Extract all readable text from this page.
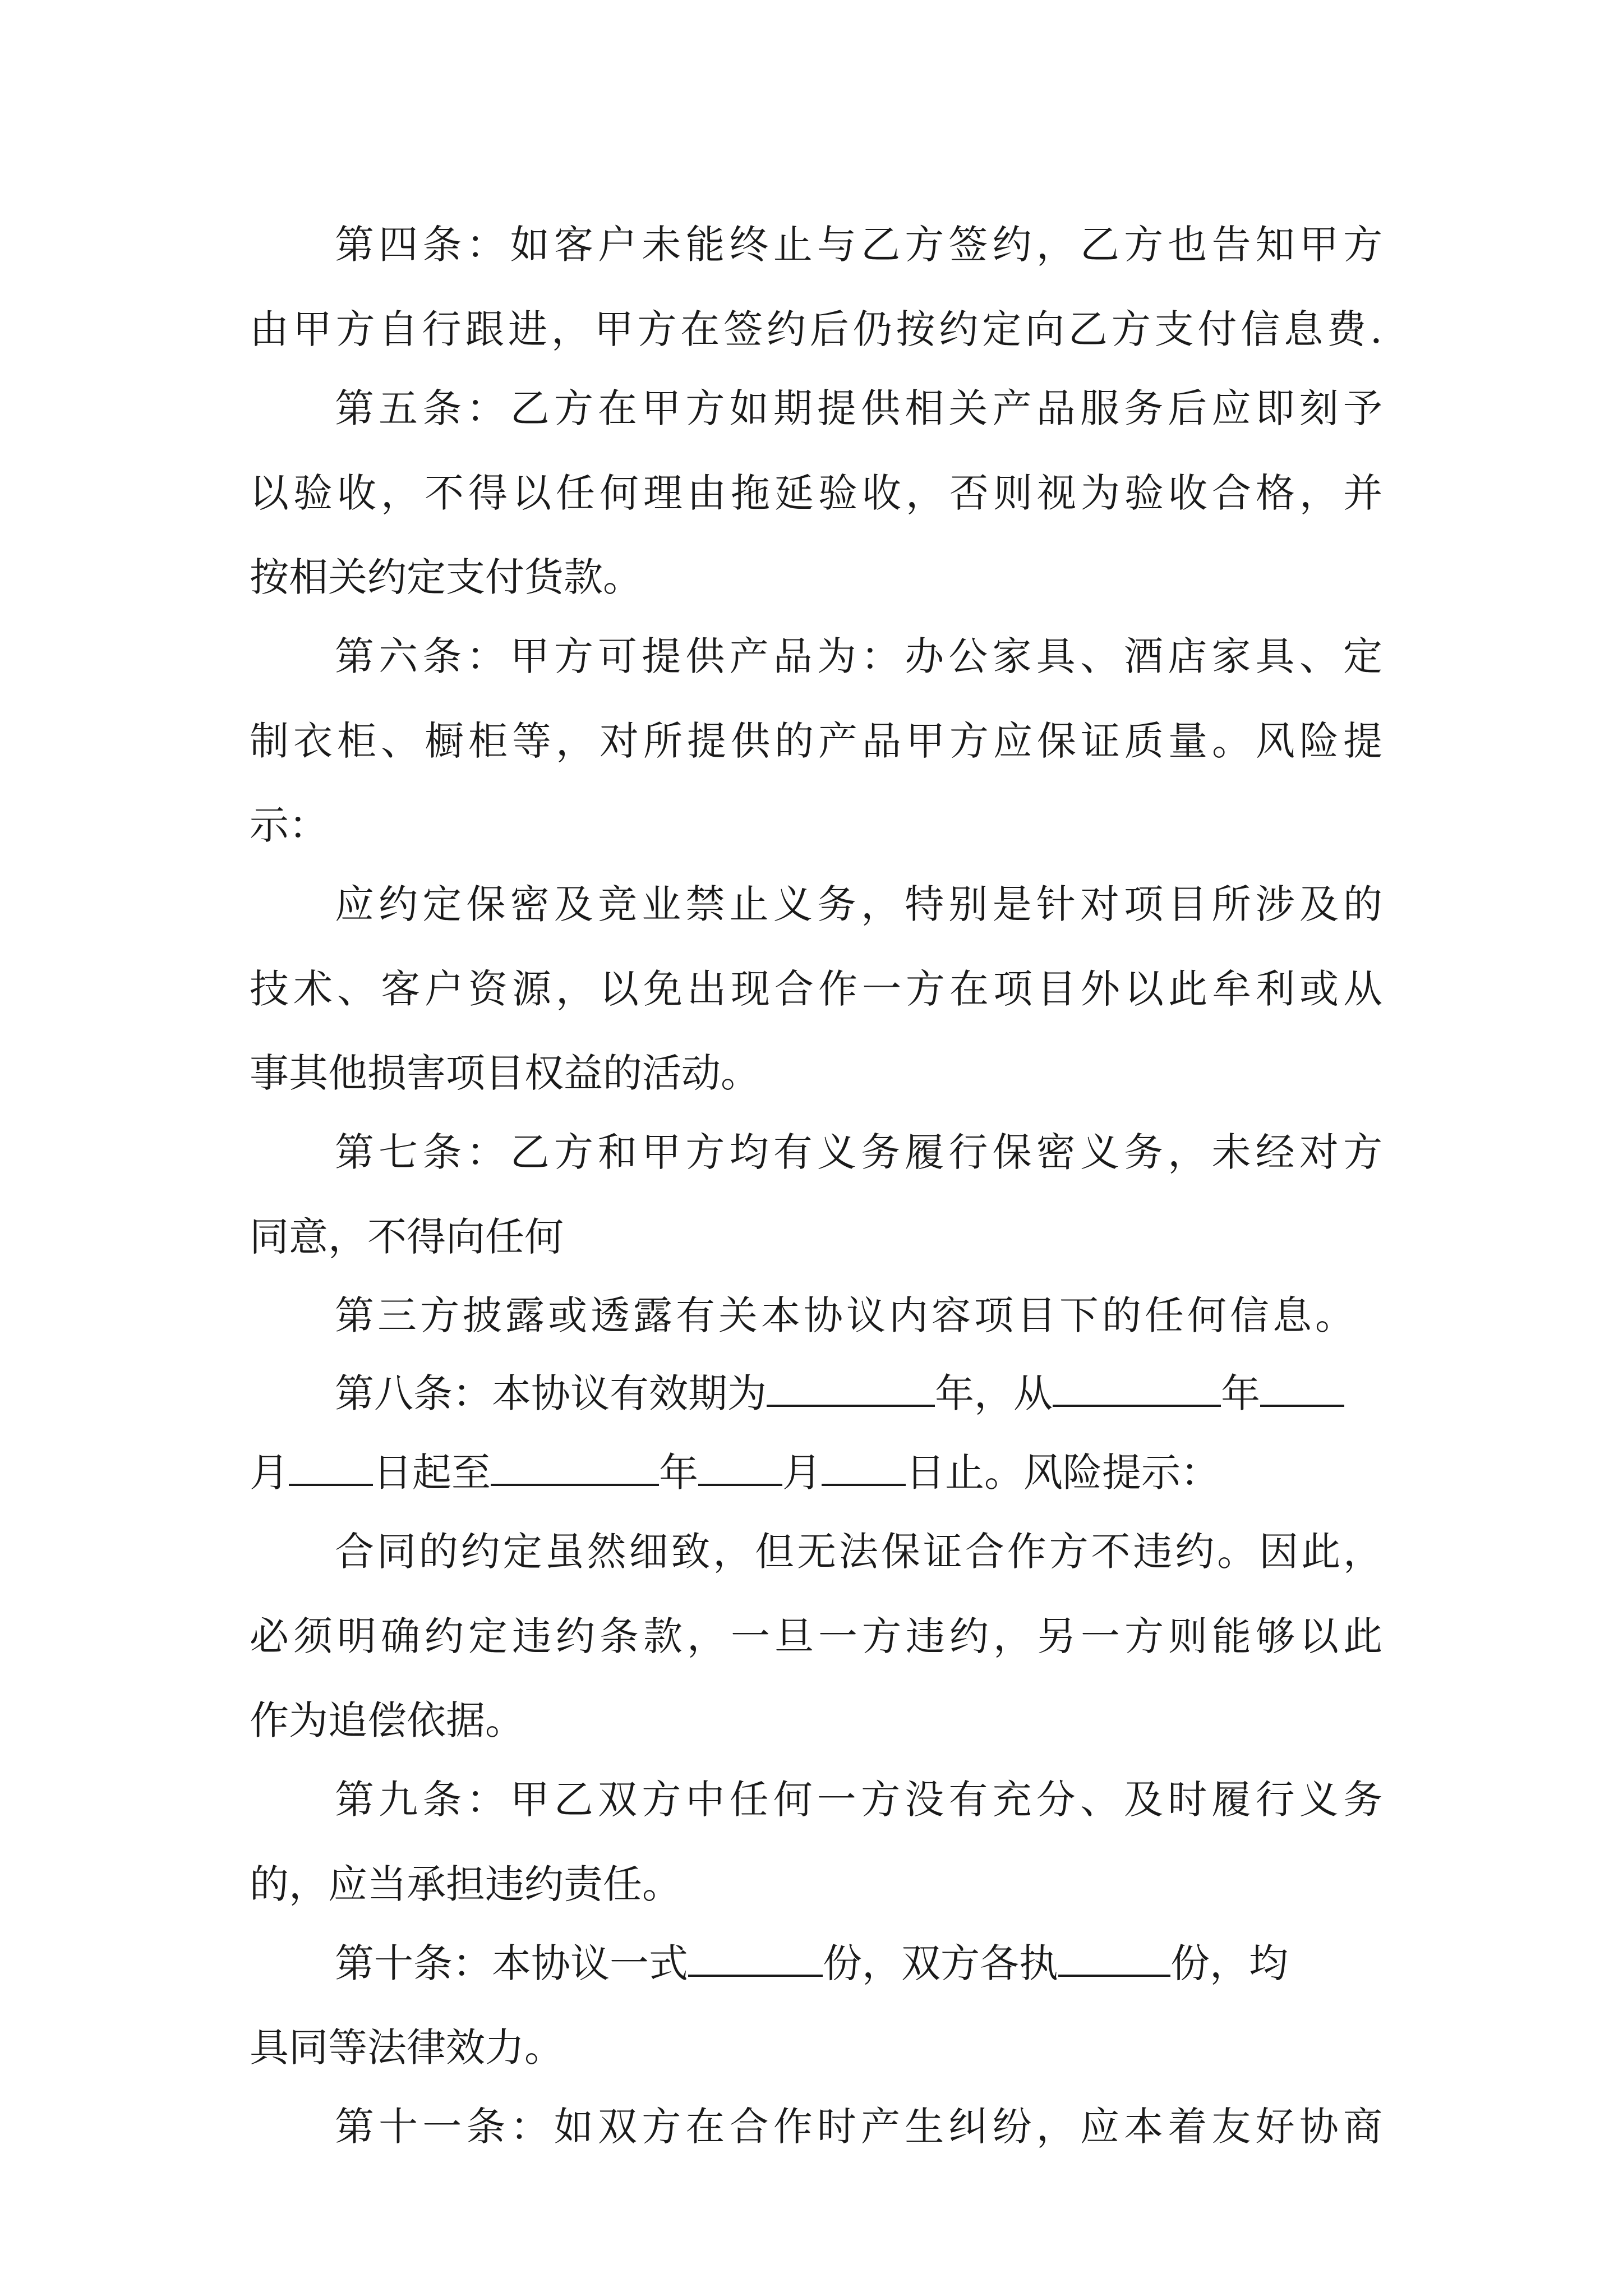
第四条：如客户未能终止与乙方签约，乙方也告知甲方
由甲方自行跟进，甲方在签约后仍按约定向乙方支付信息费.
第五条：乙方在甲方如期提供相关产品服务后应即刻予
以验收，不得以任何理由拖延验收，否则视为验收合格，并
按相关约定支付货款。
第六条：甲方可提供产品为：办公家具、酒店家具、定
制衣柜、橱柜等，对所提供的产品甲方应保证质量。风险提
示：
应约定保密及竞业禁止义务，特别是针对项目所涉及的
技术、客户资源，以免出现合作一方在项目外以此牟利或从
事其他损害项目权益的活动。
第七条：乙方和甲方均有义务履行保密义务，未经对方
同意，不得向任何
第三方披露或透露有关本协议内容项目下的任何信息。
第八条：本协议有效期为	年，从	年
月 日起至	年 月 日止。风险提示：
合同的约定虽然细致，但无法保证合作方不违约。因此，
必须明确约定违约条款，一旦一方违约，另一方则能够以此
作为追偿依据。
第九条：甲乙双方中任何一方没有充分、及时履行义务
的，应当承担违约责任。
第十条：本协议一式	份，双方各执	份，均
具同等法律效力。
第十一条：如双方在合作时产生纠纷，应本着友好协商
